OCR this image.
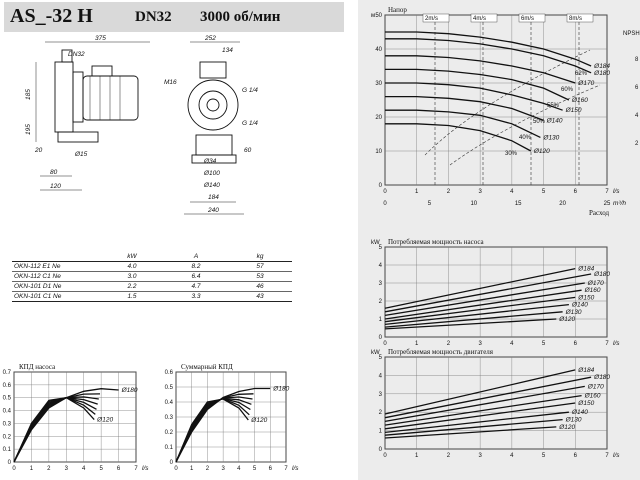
AS_-32 H	DN32 3000 об/мин
375
DN32
185
195
20
Ø15
80
120
252
134
M16
G 1/4
G 1/4
60
Ø34
Ø100
Ø140
184
240
	kW	A	kg
OKN-112 E1 Ne	4.0	8.2	57
OKN-112 C1 Ne	3.0	6.4	53
OKN-101 D1 Ne	2.2	4.7	46
OKN-101 C1 Ne	1.5	3.3	43
0	1	2	3	4	5	6	7
0
10
20
30
40
50
Напор
м
l/s
Расход
0	5	10	15	20	25 m³/h
NPSH
2
4
6
8
2m/s	4m/s	6m/s	8m/s
30%
40%
50%
55%
60%
62%
Ø184
Ø180
Ø170
Ø160
Ø150
Ø140
Ø130
Ø120
0	1	2	3	4	5	6	7
0
1
2
3
4
5
Потребляемая мощность насоса
kW
l/s
Ø184
Ø180
Ø170
Ø160
Ø150
Ø140
Ø130
Ø120
0	1	2	3	4	5	6	7
0
1
2
3
4
5
Потребляемая мощность двигателя
kW
l/s
Ø184
Ø180
Ø170
Ø160
Ø150
Ø140
Ø130
Ø120
0 1 2 3 4 5 6 7
0
0.1
0.2
0.3
0.4
0.5
0.6
0.7
КПД насоса
l/s
Ø180
Ø120
0 1 2 3 4 5 6 7
0
0.1
0.2
0.3
0.4
0.5
0.6
Суммарный КПД
l/s
Ø180
Ø120
